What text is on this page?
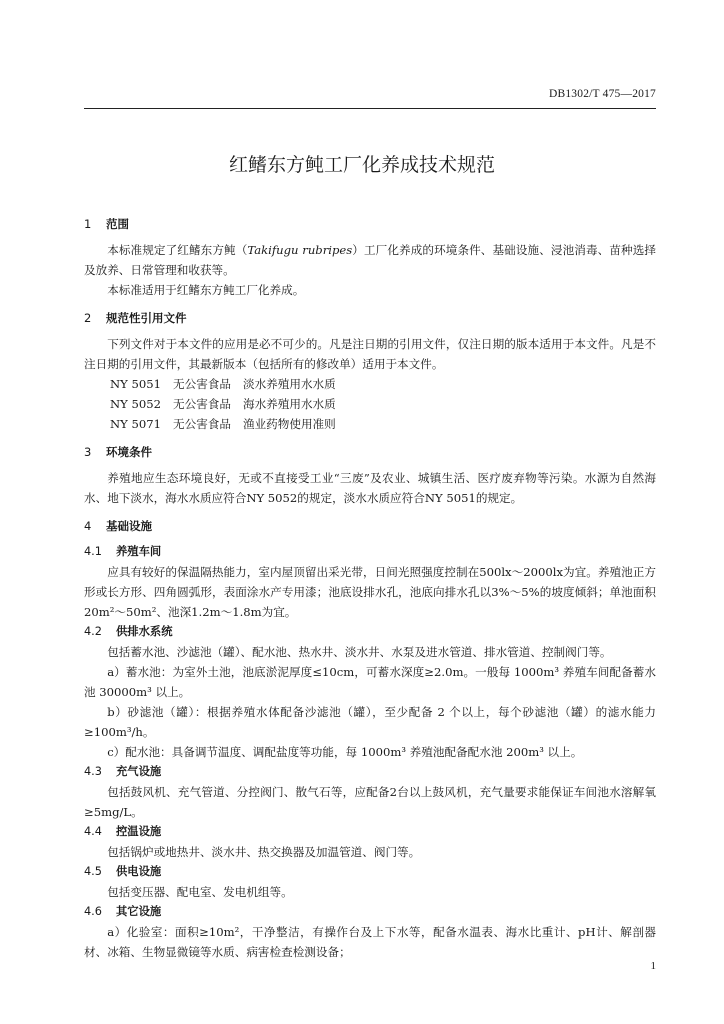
DB1302/T 475—2017
红鳍东方鲀工厂化养成技术规范
1 范围

本标准规定了红鳍东方鲀（Takifugu rubripes）工厂化养成的环境条件、基础设施、浸池消毒、苗种选择及放养、日常管理和收获等。

本标准适用于红鳍东方鲀工厂化养成。

2 规范性引用文件

下列文件对于本文件的应用是必不可少的。凡是注日期的引用文件，仅注日期的版本适用于本文件。凡是不注日期的引用文件，其最新版本（包括所有的修改单）适用于本文件。

NY 5051 无公害食品 淡水养殖用水水质

NY 5052 无公害食品 海水养殖用水水质

NY 5071 无公害食品 渔业药物使用准则

3 环境条件

养殖地应生态环境良好，无或不直接受工业“三废”及农业、城镇生活、医疗废弃物等污染。水源为自然海水、地下淡水，海水水质应符合NY 5052的规定，淡水水质应符合NY 5051的规定。

4 基础设施
4.1 养殖车间

应具有较好的保温隔热能力，室内屋顶留出采光带，日间光照强度控制在500lx～2000lx为宜。养殖池正方形或长方形、四角圆弧形，表面涂水产专用漆；池底设排水孔，池底向排水孔以3%～5%的坡度倾斜；单池面积20m²～50m²、池深1.2m～1.8m为宜。

4.2 供排水系统

包括蓄水池、沙滤池（罐）、配水池、热水井、淡水井、水泵及进水管道、排水管道、控制阀门等。

a）蓄水池：为室外土池，池底淤泥厚度≤10cm，可蓄水深度≥2.0m。一般每 1000m³ 养殖车间配备蓄水池 30000m³ 以上。

b）砂滤池（罐）：根据养殖水体配备沙滤池（罐），至少配备 2 个以上，每个砂滤池（罐）的滤水能力≥100m³/h。

c）配水池：具备调节温度、调配盐度等功能，每 1000m³ 养殖池配备配水池 200m³ 以上。

4.3 充气设施

包括鼓风机、充气管道、分控阀门、散气石等，应配备2台以上鼓风机，充气量要求能保证车间池水溶解氧≥5mg/L。

4.4 控温设施

包括锅炉或地热井、淡水井、热交换器及加温管道、阀门等。

4.5 供电设施

包括变压器、配电室、发电机组等。

4.6 其它设施

a）化验室：面积≥10m²，干净整洁，有操作台及上下水等，配备水温表、海水比重计、pH计、解剖器材、冰箱、生物显微镜等水质、病害检查检测设备；

1
